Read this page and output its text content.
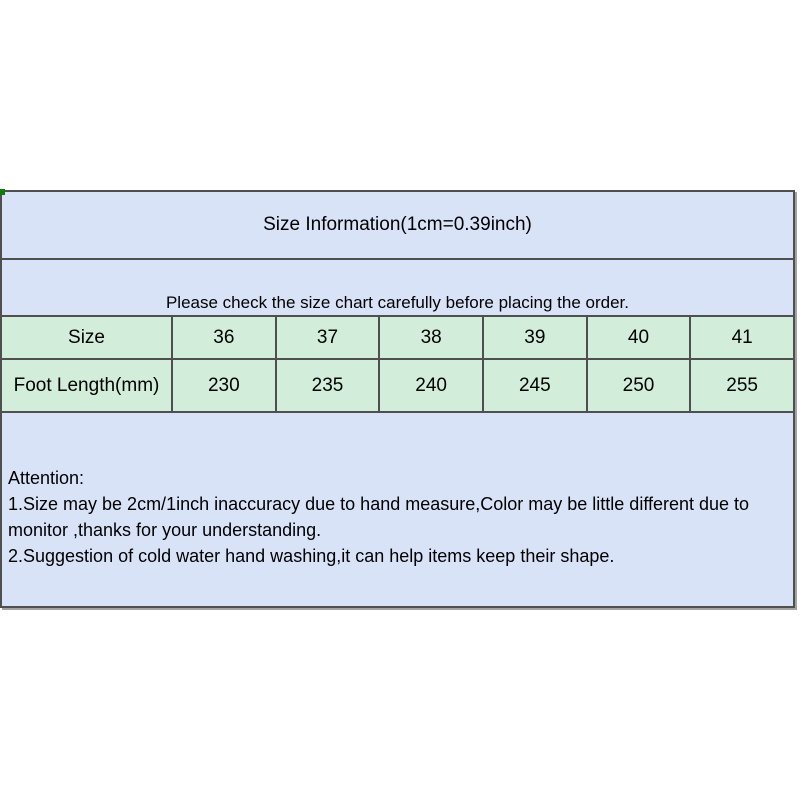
Size Information(1cm=0.39inch)
Please check the size chart carefully before placing the order.
Size	36	37	38	39	40	41
Foot Length(mm)	230	235	240	245	250	255
Attention:
1.Size may be 2cm/1inch inaccuracy due to hand measure,Color may be little different due to
monitor ,thanks for your understanding.
2.Suggestion of cold water hand washing,it can help items keep their shape.
